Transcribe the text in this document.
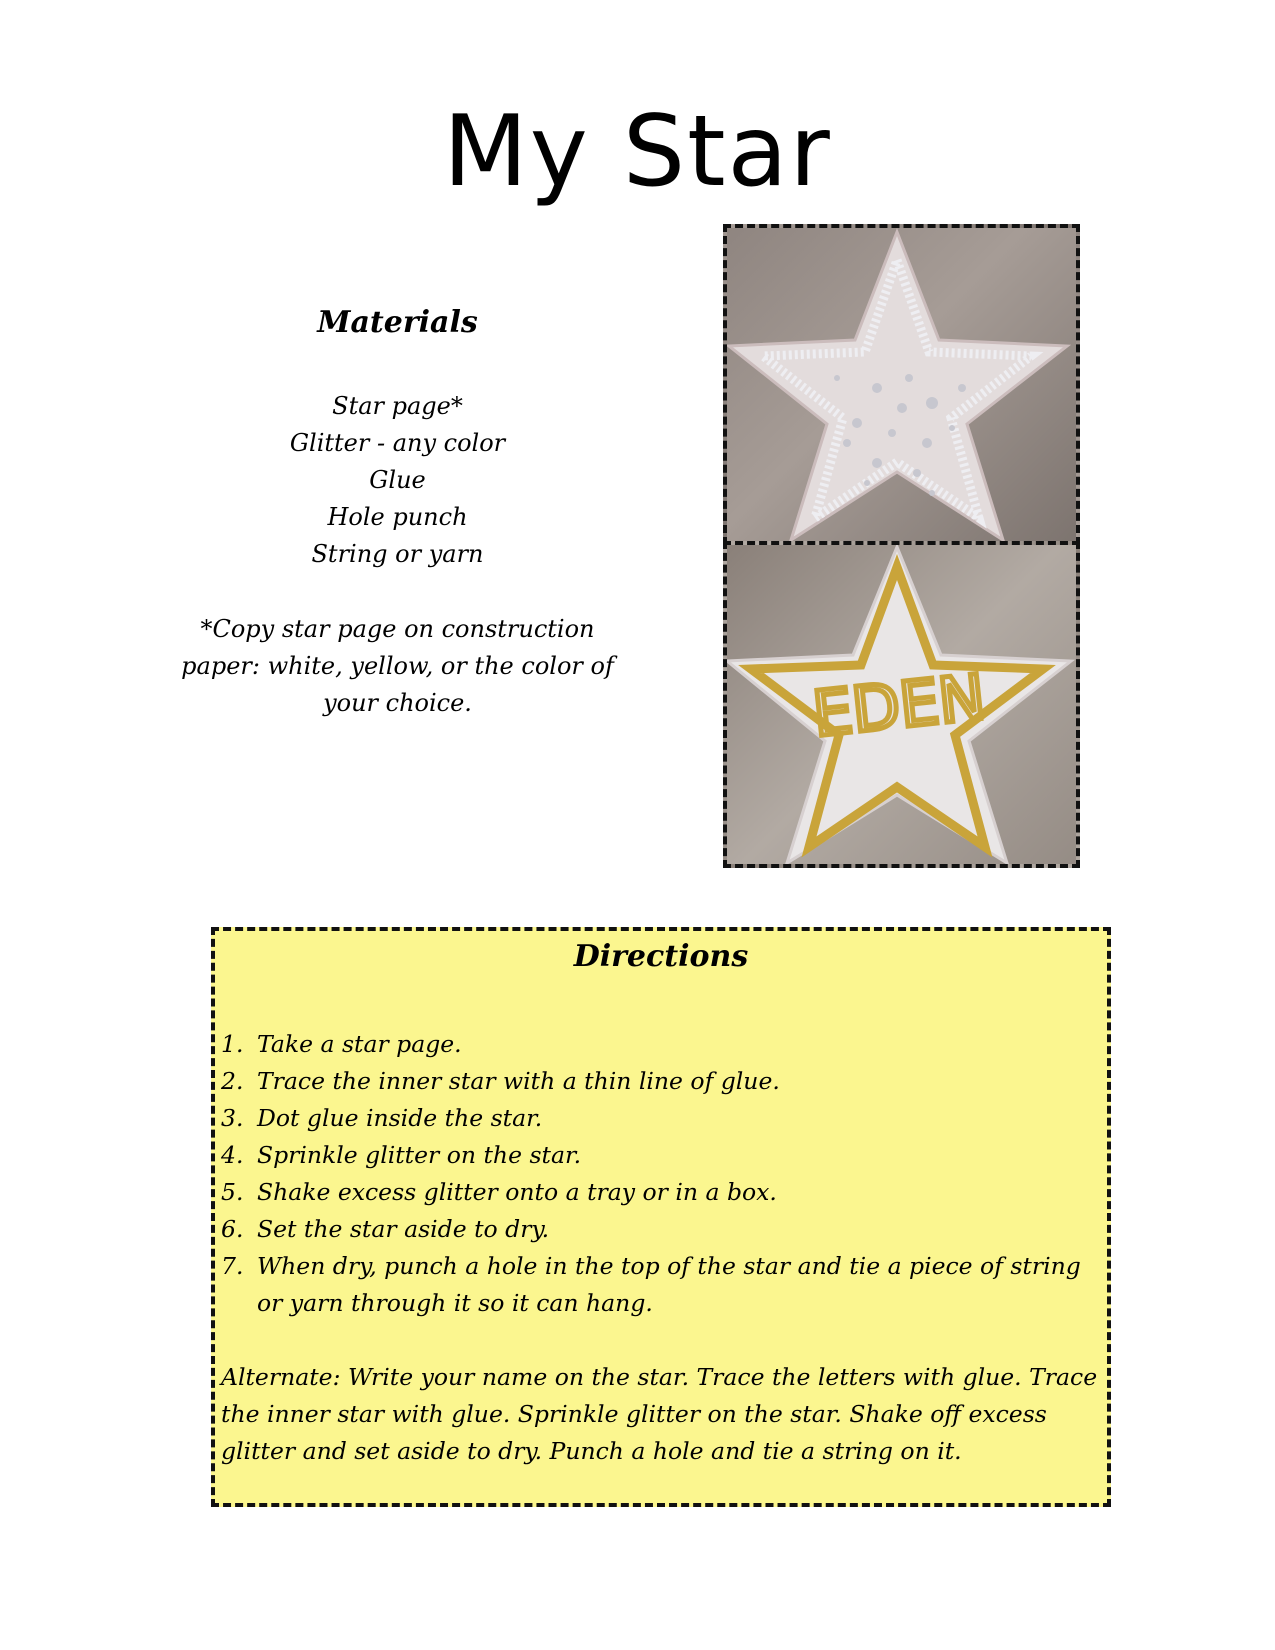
My Star
Materials
Star page*
Glitter - any color
Glue
Hole punch
String or yarn
*Copy star page on construction paper: white, yellow, or the color of your choice.	EDEN
Directions
1. Take a star page.
2. Trace the inner star with a thin line of glue.
3. Dot glue inside the star.
4. Sprinkle glitter on the star.
5. Shake excess glitter onto a tray or in a box.
6. Set the star aside to dry.
7. When dry, punch a hole in the top of the star and tie a piece of string or yarn through it so it can hang.
Alternate: Write your name on the star. Trace the letters with glue. Trace the inner star with glue. Sprinkle glitter on the star. Shake off excess glitter and set aside to dry. Punch a hole and tie a string on it.
